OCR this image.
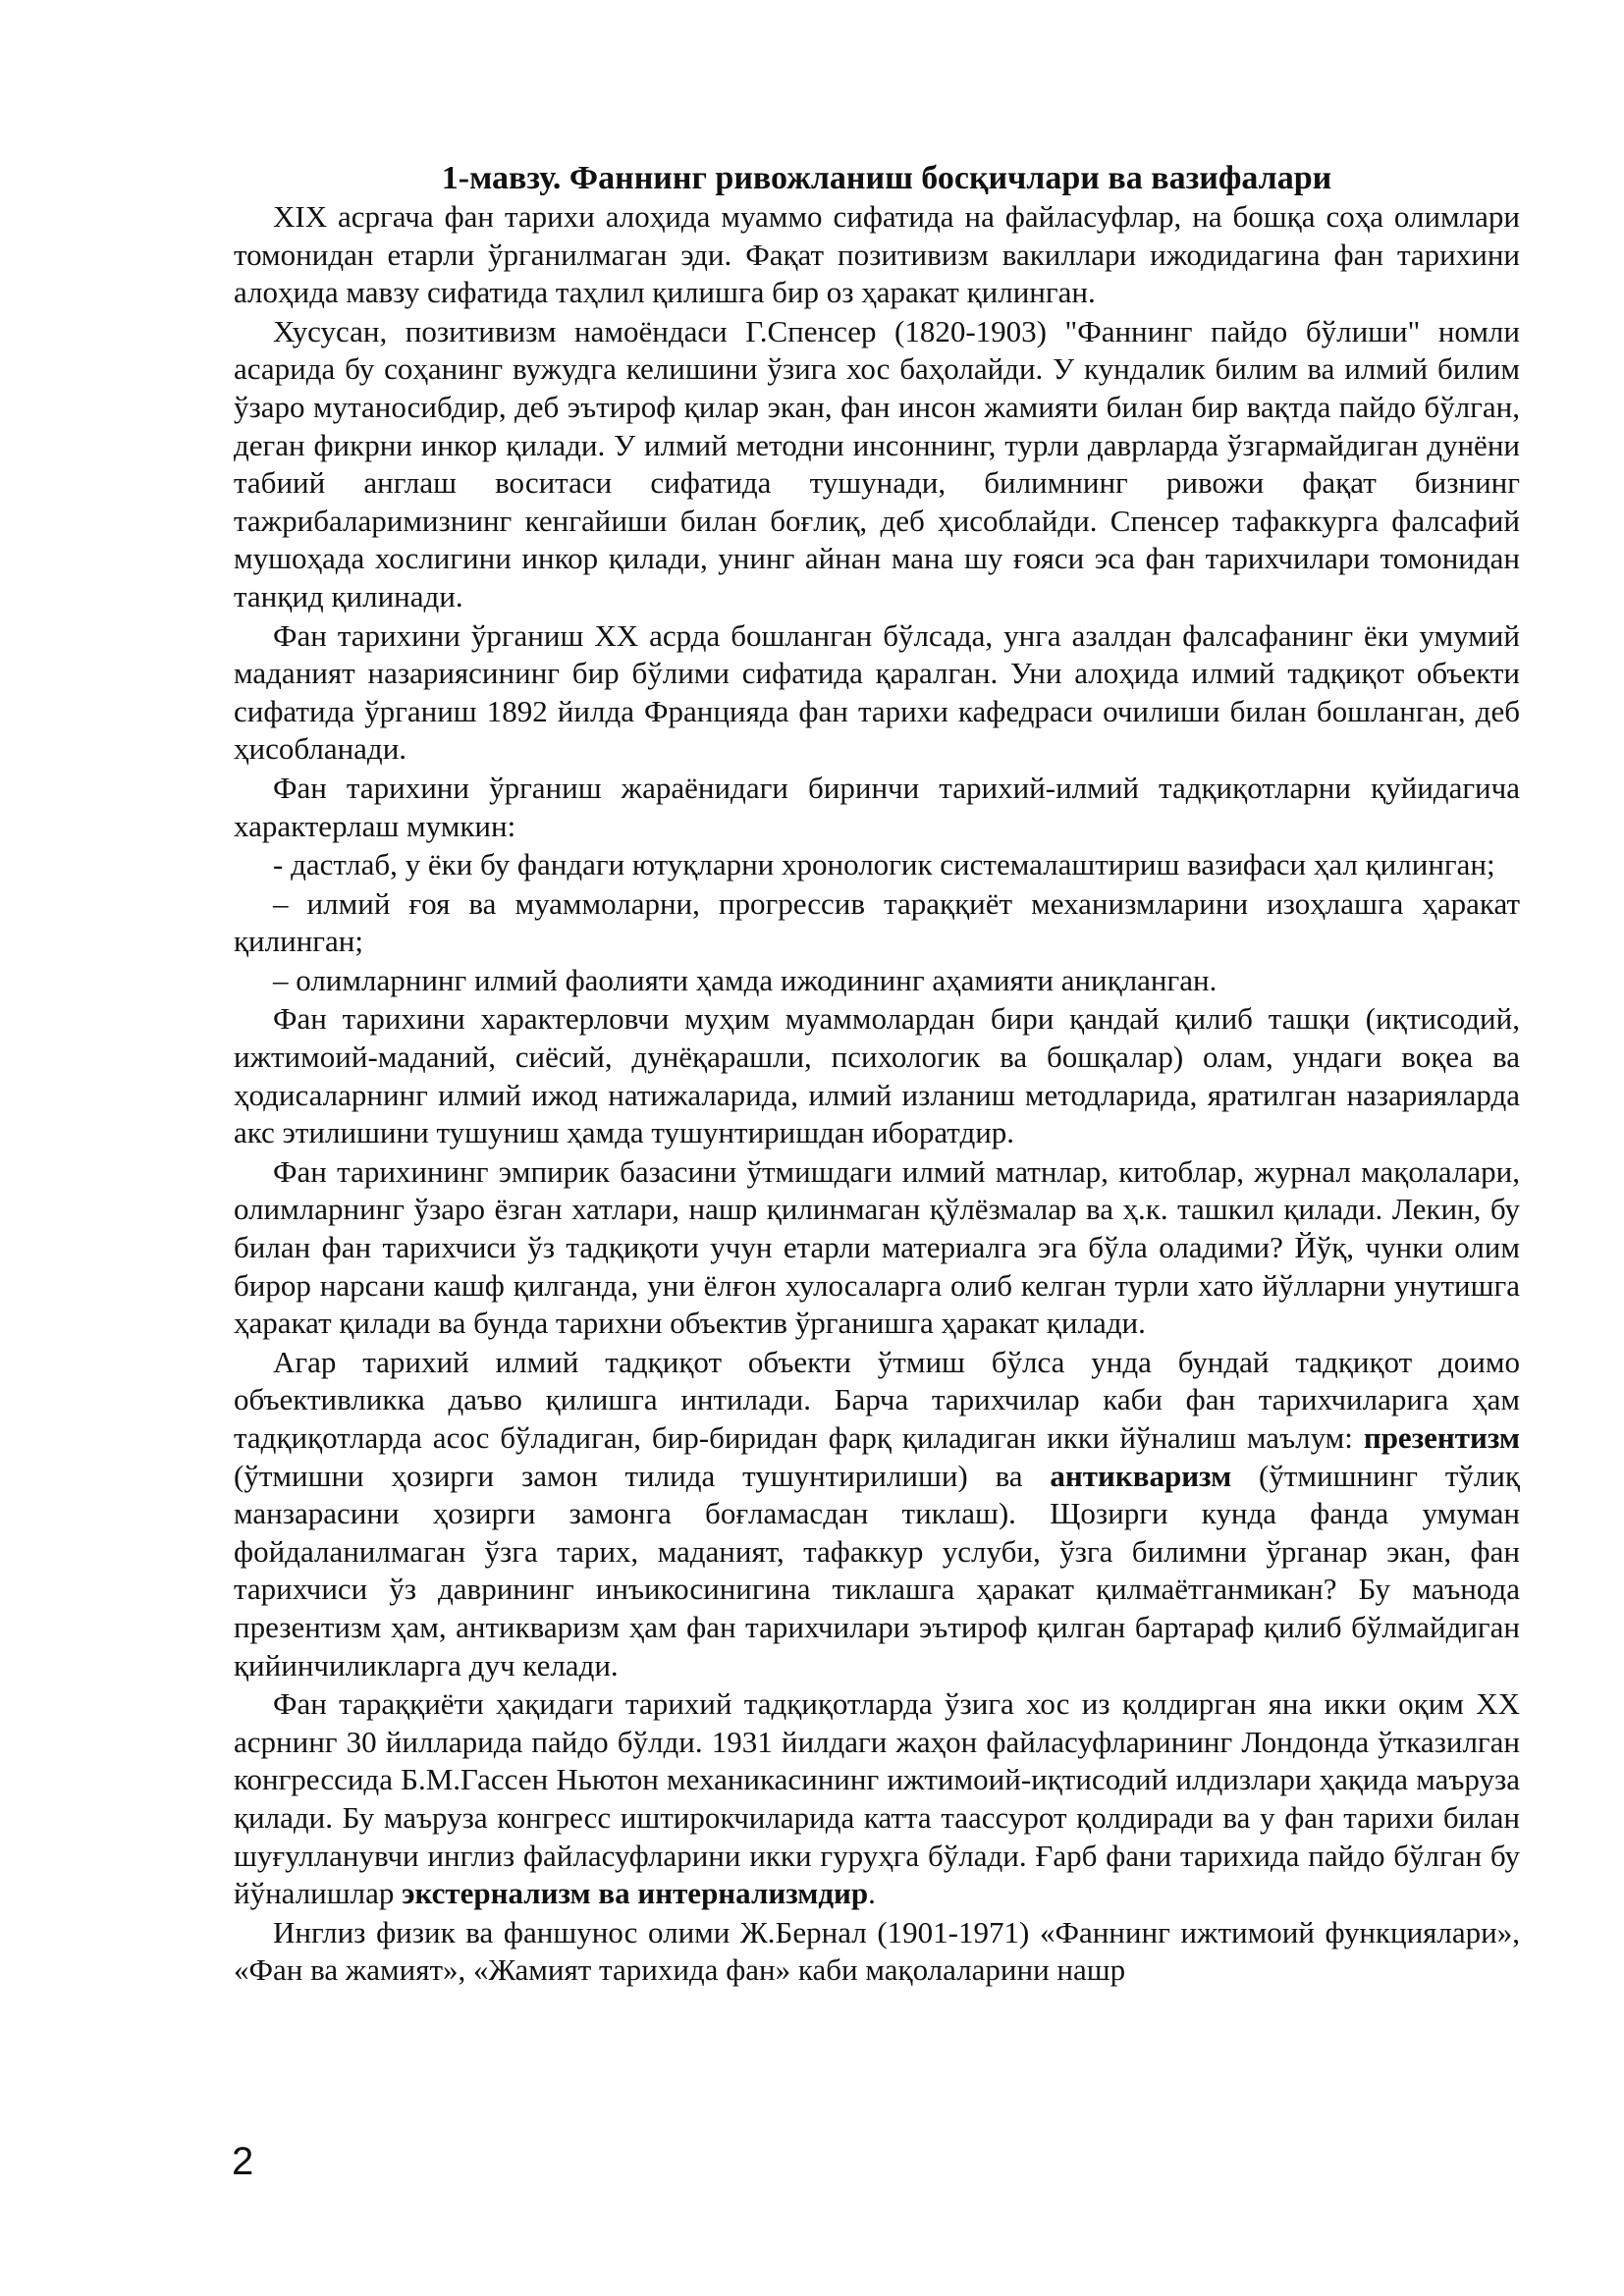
1-мавзу. Фаннинг ривожланиш босқичлари ва вазифалари

XIX асргача фан тарихи алоҳида муаммо сифатида на файласуфлар, на бошқа соҳа олимлари томонидан етарли ўрганилмаган эди. Фақат позитивизм вакиллари ижодидагина фан тарихини алоҳида мавзу сифатида таҳлил қилишга бир оз ҳаракат қилинган.

Хусусан, позитивизм намоёндаси Г.Спенсер (1820-1903) "Фаннинг пайдо бўлиши" номли асарида бу соҳанинг вужудга келишини ўзига хос баҳолайди. У кундалик билим ва илмий билим ўзаро мутаносибдир, деб эътироф қилар экан, фан инсон жамияти билан бир вақтда пайдо бўлган, деган фикрни инкор қилади. У илмий методни инсоннинг, турли даврларда ўзгармайдиган дунёни табиий англаш воситаси сифатида тушунади, билимнинг ривожи фақат бизнинг тажрибаларимизнинг кенгайиши билан боғлиқ, деб ҳисоблайди. Спенсер тафаккурга фалсафий мушоҳада хослигини инкор қилади, унинг айнан мана шу ғояси эса фан тарихчилари томонидан танқид қилинади.

Фан тарихини ўрганиш XX асрда бошланган бўлсада, унга азалдан фалсафанинг ёки умумий маданият назариясининг бир бўлими сифатида қаралган. Уни алоҳида илмий тадқиқот объекти сифатида ўрганиш 1892 йилда Францияда фан тарихи кафедраси очилиши билан бошланган, деб ҳисобланади.

Фан тарихини ўрганиш жараёнидаги биринчи тарихий-илмий тадқиқотларни қуйидагича характерлаш мумкин:

- дастлаб, у ёки бу фандаги ютуқларни хронологик системалаштириш вазифаси ҳал қилинган;

– илмий ғоя ва муаммоларни, прогрессив тараққиёт механизмларини изоҳлашга ҳаракат қилинган;

– олимларнинг илмий фаолияти ҳамда ижодининг аҳамияти аниқланган.

Фан тарихини характерловчи муҳим муаммолардан бири қандай қилиб ташқи (иқтисодий, ижтимоий-маданий, сиёсий, дунёқарашли, психологик ва бошқалар) олам, ундаги воқеа ва ҳодисаларнинг илмий ижод натижаларида, илмий изланиш методларида, яратилган назарияларда акс этилишини тушуниш ҳамда тушунтиришдан иборатдир.

Фан тарихининг эмпирик базасини ўтмишдаги илмий матнлар, китоблар, журнал мақолалари, олимларнинг ўзаро ёзган хатлари, нашр қилинмаган қўлёзмалар ва ҳ.к. ташкил қилади. Лекин, бу билан фан тарихчиси ўз тадқиқоти учун етарли материалга эга бўла оладими? Йўқ, чунки олим бирор нарсани кашф қилганда, уни ёлғон хулосаларга олиб келган турли хато йўлларни унутишга ҳаракат қилади ва бунда тарихни объектив ўрганишга ҳаракат қилади.

Агар тарихий илмий тадқиқот объекти ўтмиш бўлса унда бундай тадқиқот доимо объективликка даъво қилишга интилади. Барча тарихчилар каби фан тарихчиларига ҳам тадқиқотларда асос бўладиган, бир-биридан фарқ қиладиган икки йўналиш маълум: презентизм (ўтмишни ҳозирги замон тилида тушунтирилиши) ва антикваризм (ўтмишнинг тўлиқ манзарасини ҳозирги замонга боғламасдан тиклаш). Щозирги кунда фанда умуман фойдаланилмаган ўзга тарих, маданият, тафаккур услуби, ўзга билимни ўрганар экан, фан тарихчиси ўз даврининг инъикосинигина тиклашга ҳаракат қилмаётганмикан? Бу маънода презентизм ҳам, антикваризм ҳам фан тарихчилари эътироф қилган бартараф қилиб бўлмайдиган қийинчиликларга дуч келади.

Фан тараққиёти ҳақидаги тарихий тадқиқотларда ўзига хос из қолдирган яна икки оқим XX асрнинг 30 йилларида пайдо бўлди. 1931 йилдаги жаҳон файласуфларининг Лондонда ўтказилган конгрессида Б.М.Гассен Ньютон механикасининг ижтимоий-иқтисодий илдизлари ҳақида маъруза қилади. Бу маъруза конгресс иштирокчиларида катта таассурот қолдиради ва у фан тарихи билан шуғулланувчи инглиз файласуфларини икки гуруҳга бўлади. Ғарб фани тарихида пайдо бўлган бу йўналишлар экстернализм ва интернализмдир.

Инглиз физик ва фаншунос олими Ж.Бернал (1901-1971) «Фаннинг ижтимоий функциялари», «Фан ва жамият», «Жамият тарихида фан» каби мақолаларини нашр

2
